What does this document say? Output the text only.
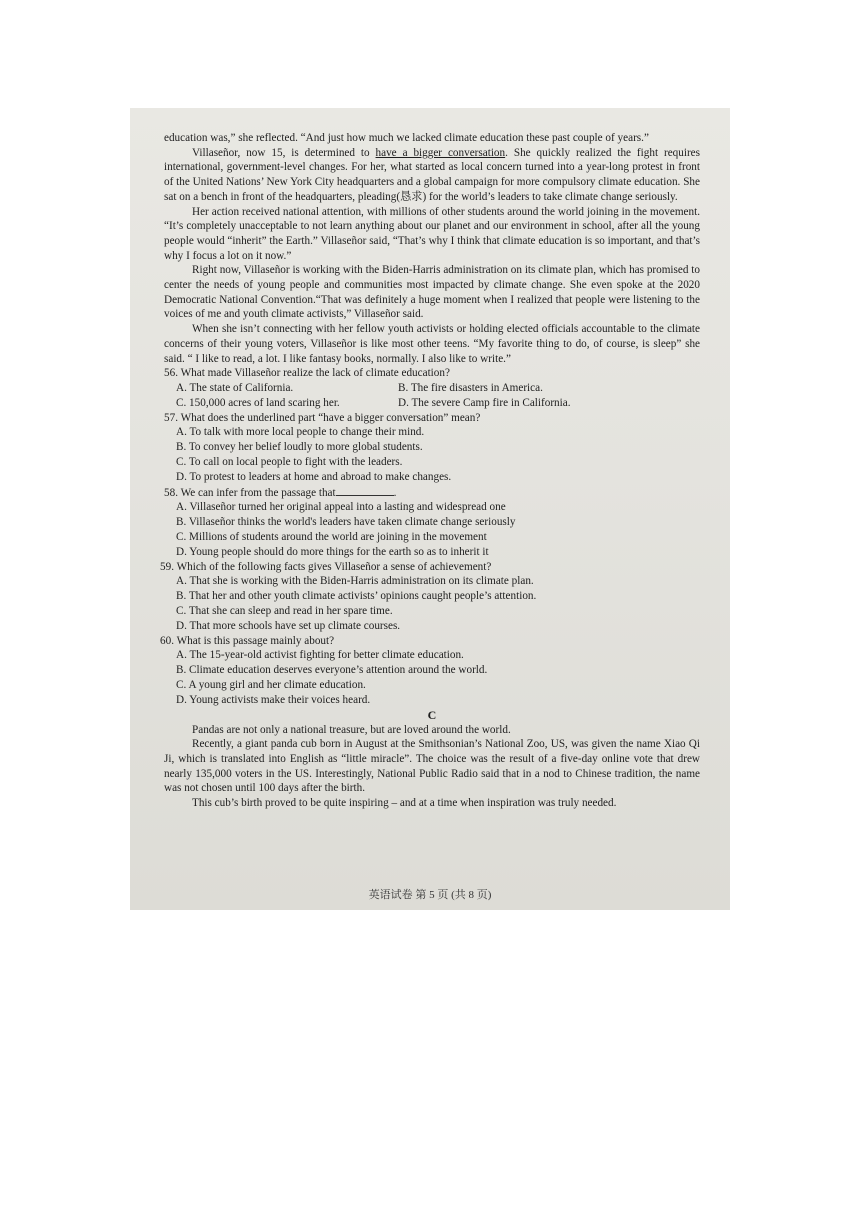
education was,” she reflected. “And just how much we lacked climate education these past couple of years.”

Villaseñor, now 15, is determined to have a bigger conversation. She quickly realized the fight requires international, government-level changes. For her, what started as local concern turned into a year-long protest in front of the United Nations’ New York City headquarters and a global campaign for more compulsory climate education. She sat on a bench in front of the headquarters, pleading(恳求) for the world’s leaders to take climate change seriously.

Her action received national attention, with millions of other students around the world joining in the movement. “It’s completely unacceptable to not learn anything about our planet and our environment in school, after all the young people would “inherit” the Earth.” Villaseñor said, “That’s why I think that climate education is so important, and that’s why I focus a lot on it now.”

Right now, Villaseñor is working with the Biden-Harris administration on its climate plan, which has promised to center the needs of young people and communities most impacted by climate change. She even spoke at the 2020 Democratic National Convention.“That was definitely a huge moment when I realized that people were listening to the voices of me and youth climate activists,” Villaseñor said.

When she isn’t connecting with her fellow youth activists or holding elected officials accountable to the climate concerns of their young voters, Villaseñor is like most other teens. “My favorite thing to do, of course, is sleep” she said. “ I like to read, a lot. I like fantasy books, normally. I also like to write.”

56. What made Villaseñor realize the lack of climate education?

A. The state of California.	B. The fire disasters in America.
C. 150,000 acres of land scaring her.	D. The severe Camp fire in California.

57. What does the underlined part “have a bigger conversation” mean?

A. To talk with more local people to change their mind.

B. To convey her belief loudly to more global students.

C. To call on local people to fight with the leaders.

D. To protest to leaders at home and abroad to make changes.

58. We can infer from the passage that	.

A. Villaseñor turned her original appeal into a lasting and widespread one

B. Villaseñor thinks the world's leaders have taken climate change seriously

C. Millions of students around the world are joining in the movement

D. Young people should do more things for the earth so as to inherit it

59. Which of the following facts gives Villaseñor a sense of achievement?

A. That she is working with the Biden-Harris administration on its climate plan.

B. That her and other youth climate activists’ opinions caught people’s attention.

C. That she can sleep and read in her spare time.

D. That more schools have set up climate courses.

60. What is this passage mainly about?

A. The 15-year-old activist fighting for better climate education.

B. Climate education deserves everyone’s attention around the world.

C. A young girl and her climate education.

D. Young activists make their voices heard.

C

Pandas are not only a national treasure, but are loved around the world.

Recently, a giant panda cub born in August at the Smithsonian’s National Zoo, US, was given the name Xiao Qi Ji, which is translated into English as “little miracle”. The choice was the result of a five-day online vote that drew nearly 135,000 voters in the US. Interestingly, National Public Radio said that in a nod to Chinese tradition, the name was not chosen until 100 days after the birth.

This cub’s birth proved to be quite inspiring – and at a time when inspiration was truly needed.

英语试卷 第 5 页 (共 8 页)
